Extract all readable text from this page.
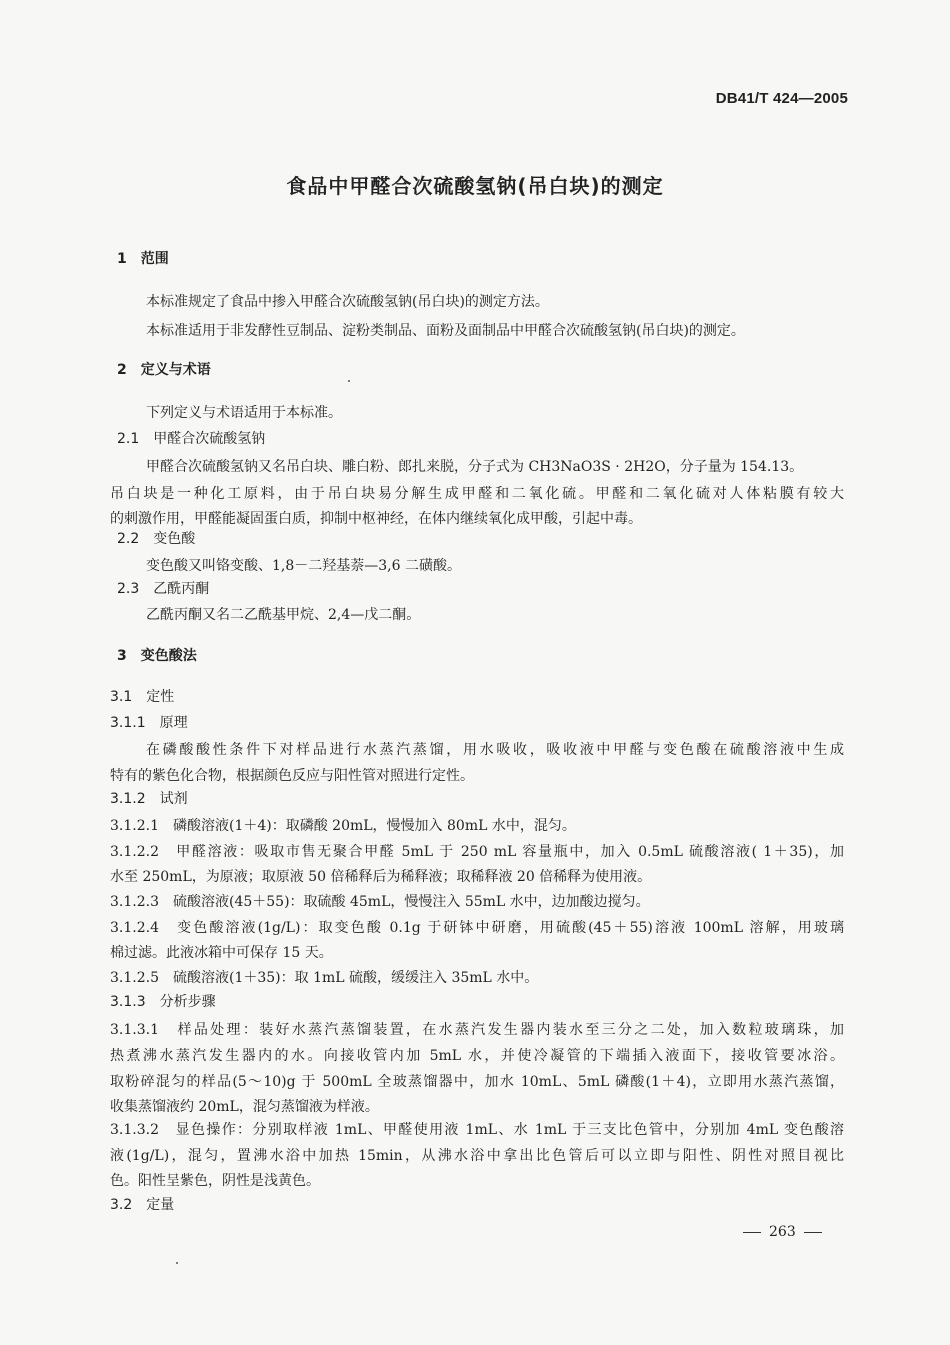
DB41/T 424—2005
食品中甲醛合次硫酸氢钠(吊白块)的测定
1　范围
本标准规定了食品中掺入甲醛合次硫酸氢钠(吊白块)的测定方法。
本标准适用于非发酵性豆制品、淀粉类制品、面粉及面制品中甲醛合次硫酸氢钠(吊白块)的测定。
2　定义与术语
下列定义与术语适用于本标准。
2.1　甲醛合次硫酸氢钠
甲醛合次硫酸氢钠又名吊白块、雕白粉、郎扎来脱，分子式为 CH3NaO3S · 2H2O，分子量为 154.13。
吊白块是一种化工原料，由于吊白块易分解生成甲醛和二氧化硫。甲醛和二氧化硫对人体粘膜有较大
的刺激作用，甲醛能凝固蛋白质，抑制中枢神经，在体内继续氧化成甲酸，引起中毒。
2.2　变色酸
变色酸又叫铬变酸、1,8－二羟基萘—3,6 二磺酸。
2.3　乙酰丙酮
乙酰丙酮又名二乙酰基甲烷、2,4—戊二酮。
3　变色酸法
3.1　定性
3.1.1　原理
在磷酸酸性条件下对样品进行水蒸汽蒸馏，用水吸收，吸收液中甲醛与变色酸在硫酸溶液中生成
特有的紫色化合物，根据颜色反应与阳性管对照进行定性。
3.1.2　试剂
3.1.2.1　磷酸溶液(1＋4)：取磷酸 20mL，慢慢加入 80mL 水中，混匀。
3.1.2.2　甲醛溶液：吸取市售无聚合甲醛 5mL 于 250 mL 容量瓶中，加入 0.5mL 硫酸溶液( 1＋35)，加
水至 250mL，为原液；取原液 50 倍稀释后为稀释液；取稀释液 20 倍稀释为使用液。
3.1.2.3　硫酸溶液(45＋55)：取硫酸 45mL，慢慢注入 55mL 水中，边加酸边搅匀。
3.1.2.4　变色酸溶液(1g/L)：取变色酸 0.1g 于研钵中研磨，用硫酸(45＋55)溶液 100mL 溶解，用玻璃
棉过滤。此液冰箱中可保存 15 天。
3.1.2.5　硫酸溶液(1＋35)：取 1mL 硫酸，缓缓注入 35mL 水中。
3.1.3　分析步骤
3.1.3.1　样品处理：装好水蒸汽蒸馏装置，在水蒸汽发生器内装水至三分之二处，加入数粒玻璃珠，加
热煮沸水蒸汽发生器内的水。向接收管内加 5mL 水，并使冷凝管的下端插入液面下，接收管要冰浴。
取粉碎混匀的样品(5～10)g 于 500mL 全玻蒸馏器中，加水 10mL、5mL 磷酸(1＋4)，立即用水蒸汽蒸馏，
收集蒸馏液约 20mL，混匀蒸馏液为样液。
3.1.3.2　显色操作：分别取样液 1mL、甲醛使用液 1mL、水 1mL 于三支比色管中，分别加 4mL 变色酸溶
液(1g/L)，混匀，置沸水浴中加热 15min，从沸水浴中拿出比色管后可以立即与阳性、阴性对照目视比
色。阳性呈紫色，阴性是浅黄色。
3.2　定量
263
